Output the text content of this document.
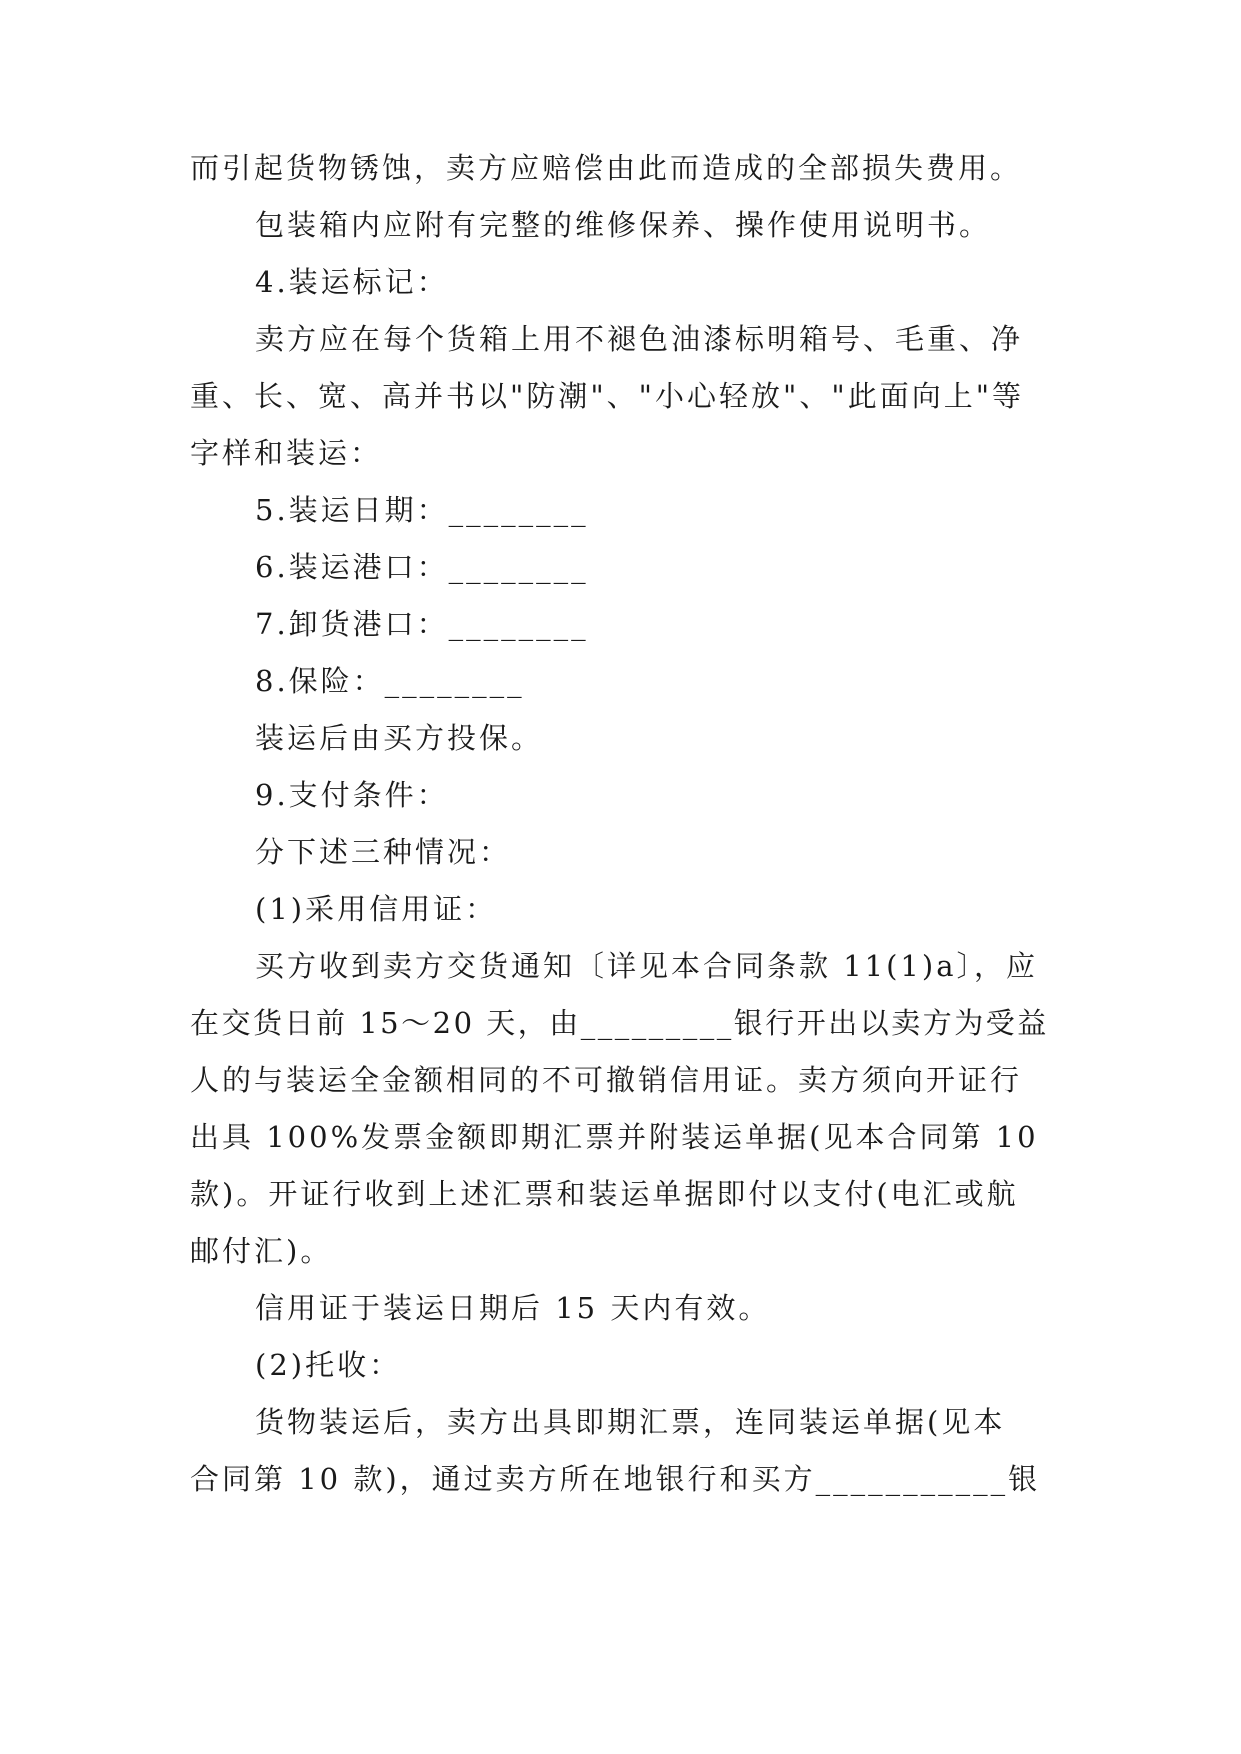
而引起货物锈蚀，卖方应赔偿由此而造成的全部损失费用。
包装箱内应附有完整的维修保养、操作使用说明书。
4.装运标记：
卖方应在每个货箱上用不褪色油漆标明箱号、毛重、净
重、长、宽、高并书以"防潮"、"小心轻放"、"此面向上"等
字样和装运：
5.装运日期：________
6.装运港口：________
7.卸货港口：________
8.保险：________
装运后由买方投保。
9.支付条件：
分下述三种情况：
(1)采用信用证：
买方收到卖方交货通知〔详见本合同条款 11(1)a〕，应
在交货日前 15～20 天，由_________银行开出以卖方为受益
人的与装运全金额相同的不可撤销信用证。卖方须向开证行
出具 100%发票金额即期汇票并附装运单据(见本合同第 10
款)。开证行收到上述汇票和装运单据即付以支付(电汇或航
邮付汇)。
信用证于装运日期后 15 天内有效。
(2)托收：
货物装运后，卖方出具即期汇票，连同装运单据(见本
合同第 10 款)，通过卖方所在地银行和买方___________银
